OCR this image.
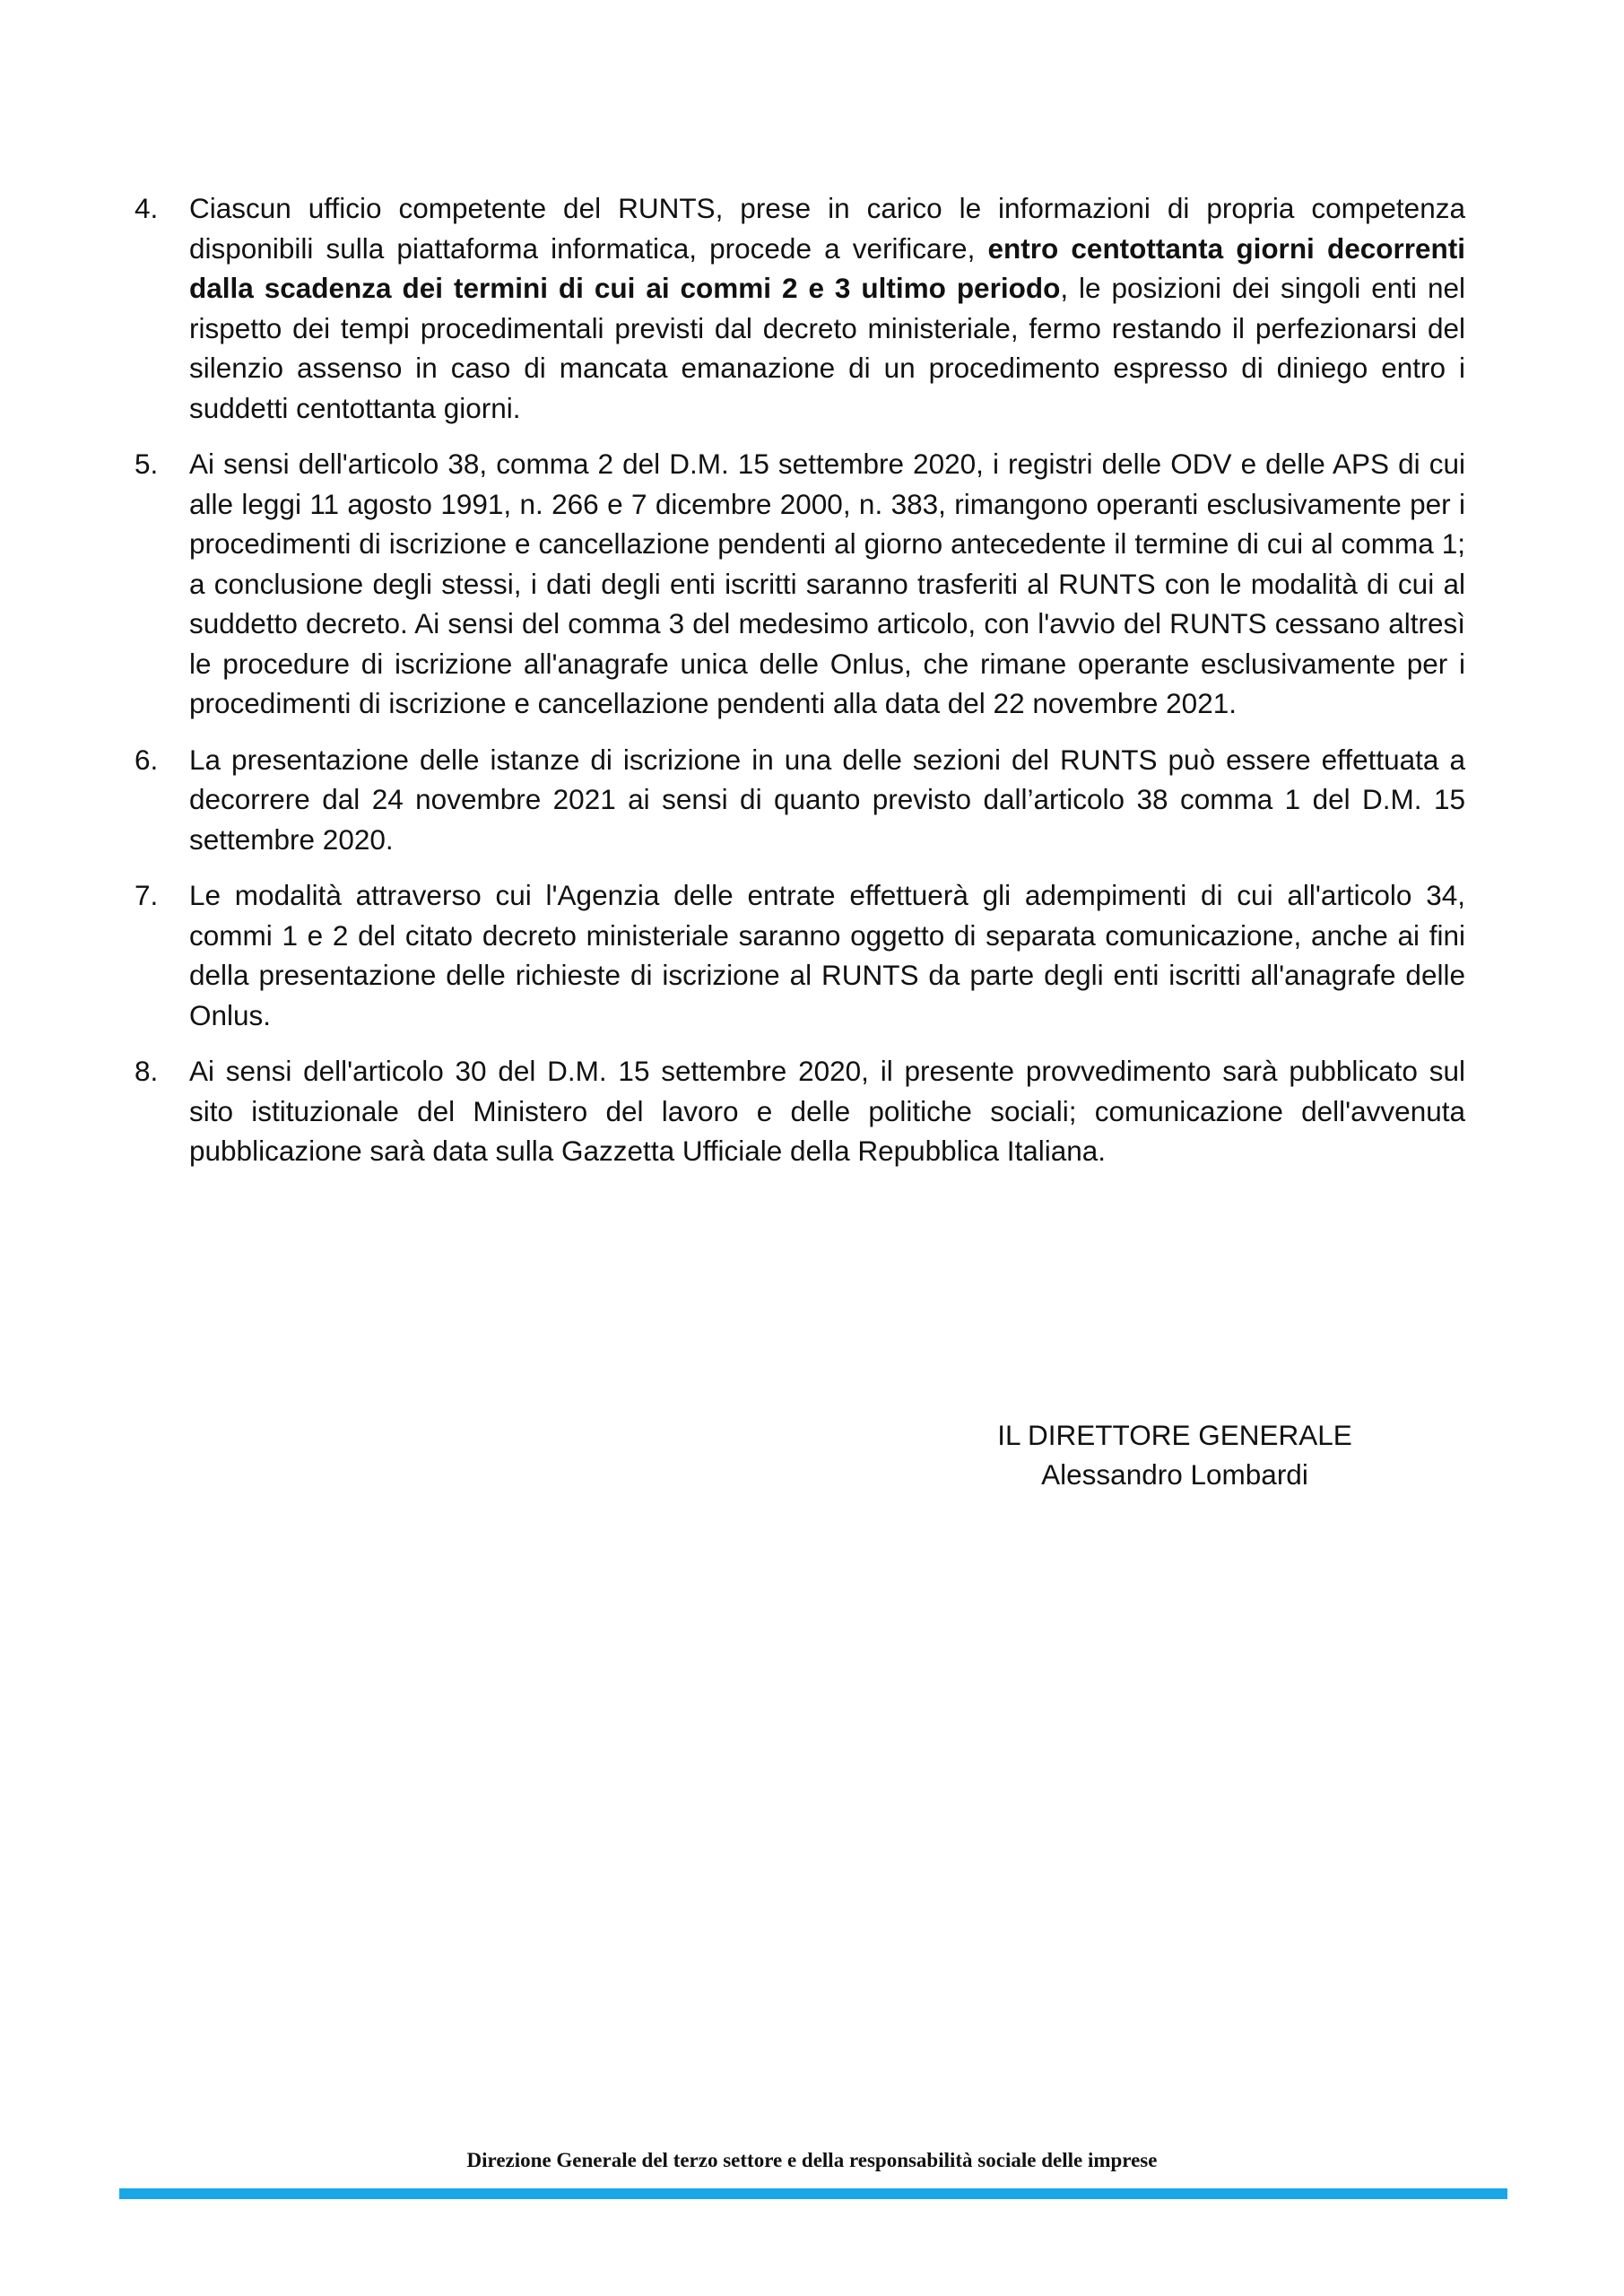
4.	Ciascun ufficio competente del RUNTS, prese in carico le informazioni di propria competenza disponibili sulla piattaforma informatica, procede a verificare, entro centottanta giorni decorrenti dalla scadenza dei termini di cui ai commi 2 e 3 ultimo periodo, le posizioni dei singoli enti nel rispetto dei tempi procedimentali previsti dal decreto ministeriale, fermo restando il perfezionarsi del silenzio assenso in caso di mancata emanazione di un procedimento espresso di diniego entro i suddetti centottanta giorni.
5.	Ai sensi dell'articolo 38, comma 2 del D.M. 15 settembre 2020, i registri delle ODV e delle APS di cui alle leggi 11 agosto 1991, n. 266 e 7 dicembre 2000, n. 383, rimangono operanti esclusivamente per i procedimenti di iscrizione e cancellazione pendenti al giorno antecedente il termine di cui al comma 1; a conclusione degli stessi, i dati degli enti iscritti saranno trasferiti al RUNTS con le modalità di cui al suddetto decreto. Ai sensi del comma 3 del medesimo articolo, con l'avvio del RUNTS cessano altresì le procedure di iscrizione all'anagrafe unica delle Onlus, che rimane operante esclusivamente per i procedimenti di iscrizione e cancellazione pendenti alla data del 22 novembre 2021.
6.	La presentazione delle istanze di iscrizione in una delle sezioni del RUNTS può essere effettuata a decorrere dal 24 novembre 2021 ai sensi di quanto previsto dall’articolo 38 comma 1 del D.M. 15 settembre 2020.
7.	Le modalità attraverso cui l'Agenzia delle entrate effettuerà gli adempimenti di cui all'articolo 34, commi 1 e 2 del citato decreto ministeriale saranno oggetto di separata comunicazione, anche ai fini della presentazione delle richieste di iscrizione al RUNTS da parte degli enti iscritti all'anagrafe delle Onlus.
8.	Ai sensi dell'articolo 30 del D.M. 15 settembre 2020, il presente provvedimento sarà pubblicato sul sito istituzionale del Ministero del lavoro e delle politiche sociali; comunicazione dell'avvenuta pubblicazione sarà data sulla Gazzetta Ufficiale della Repubblica Italiana.
IL DIRETTORE GENERALE
Alessandro Lombardi
Direzione Generale del terzo settore e della responsabilità sociale delle imprese
